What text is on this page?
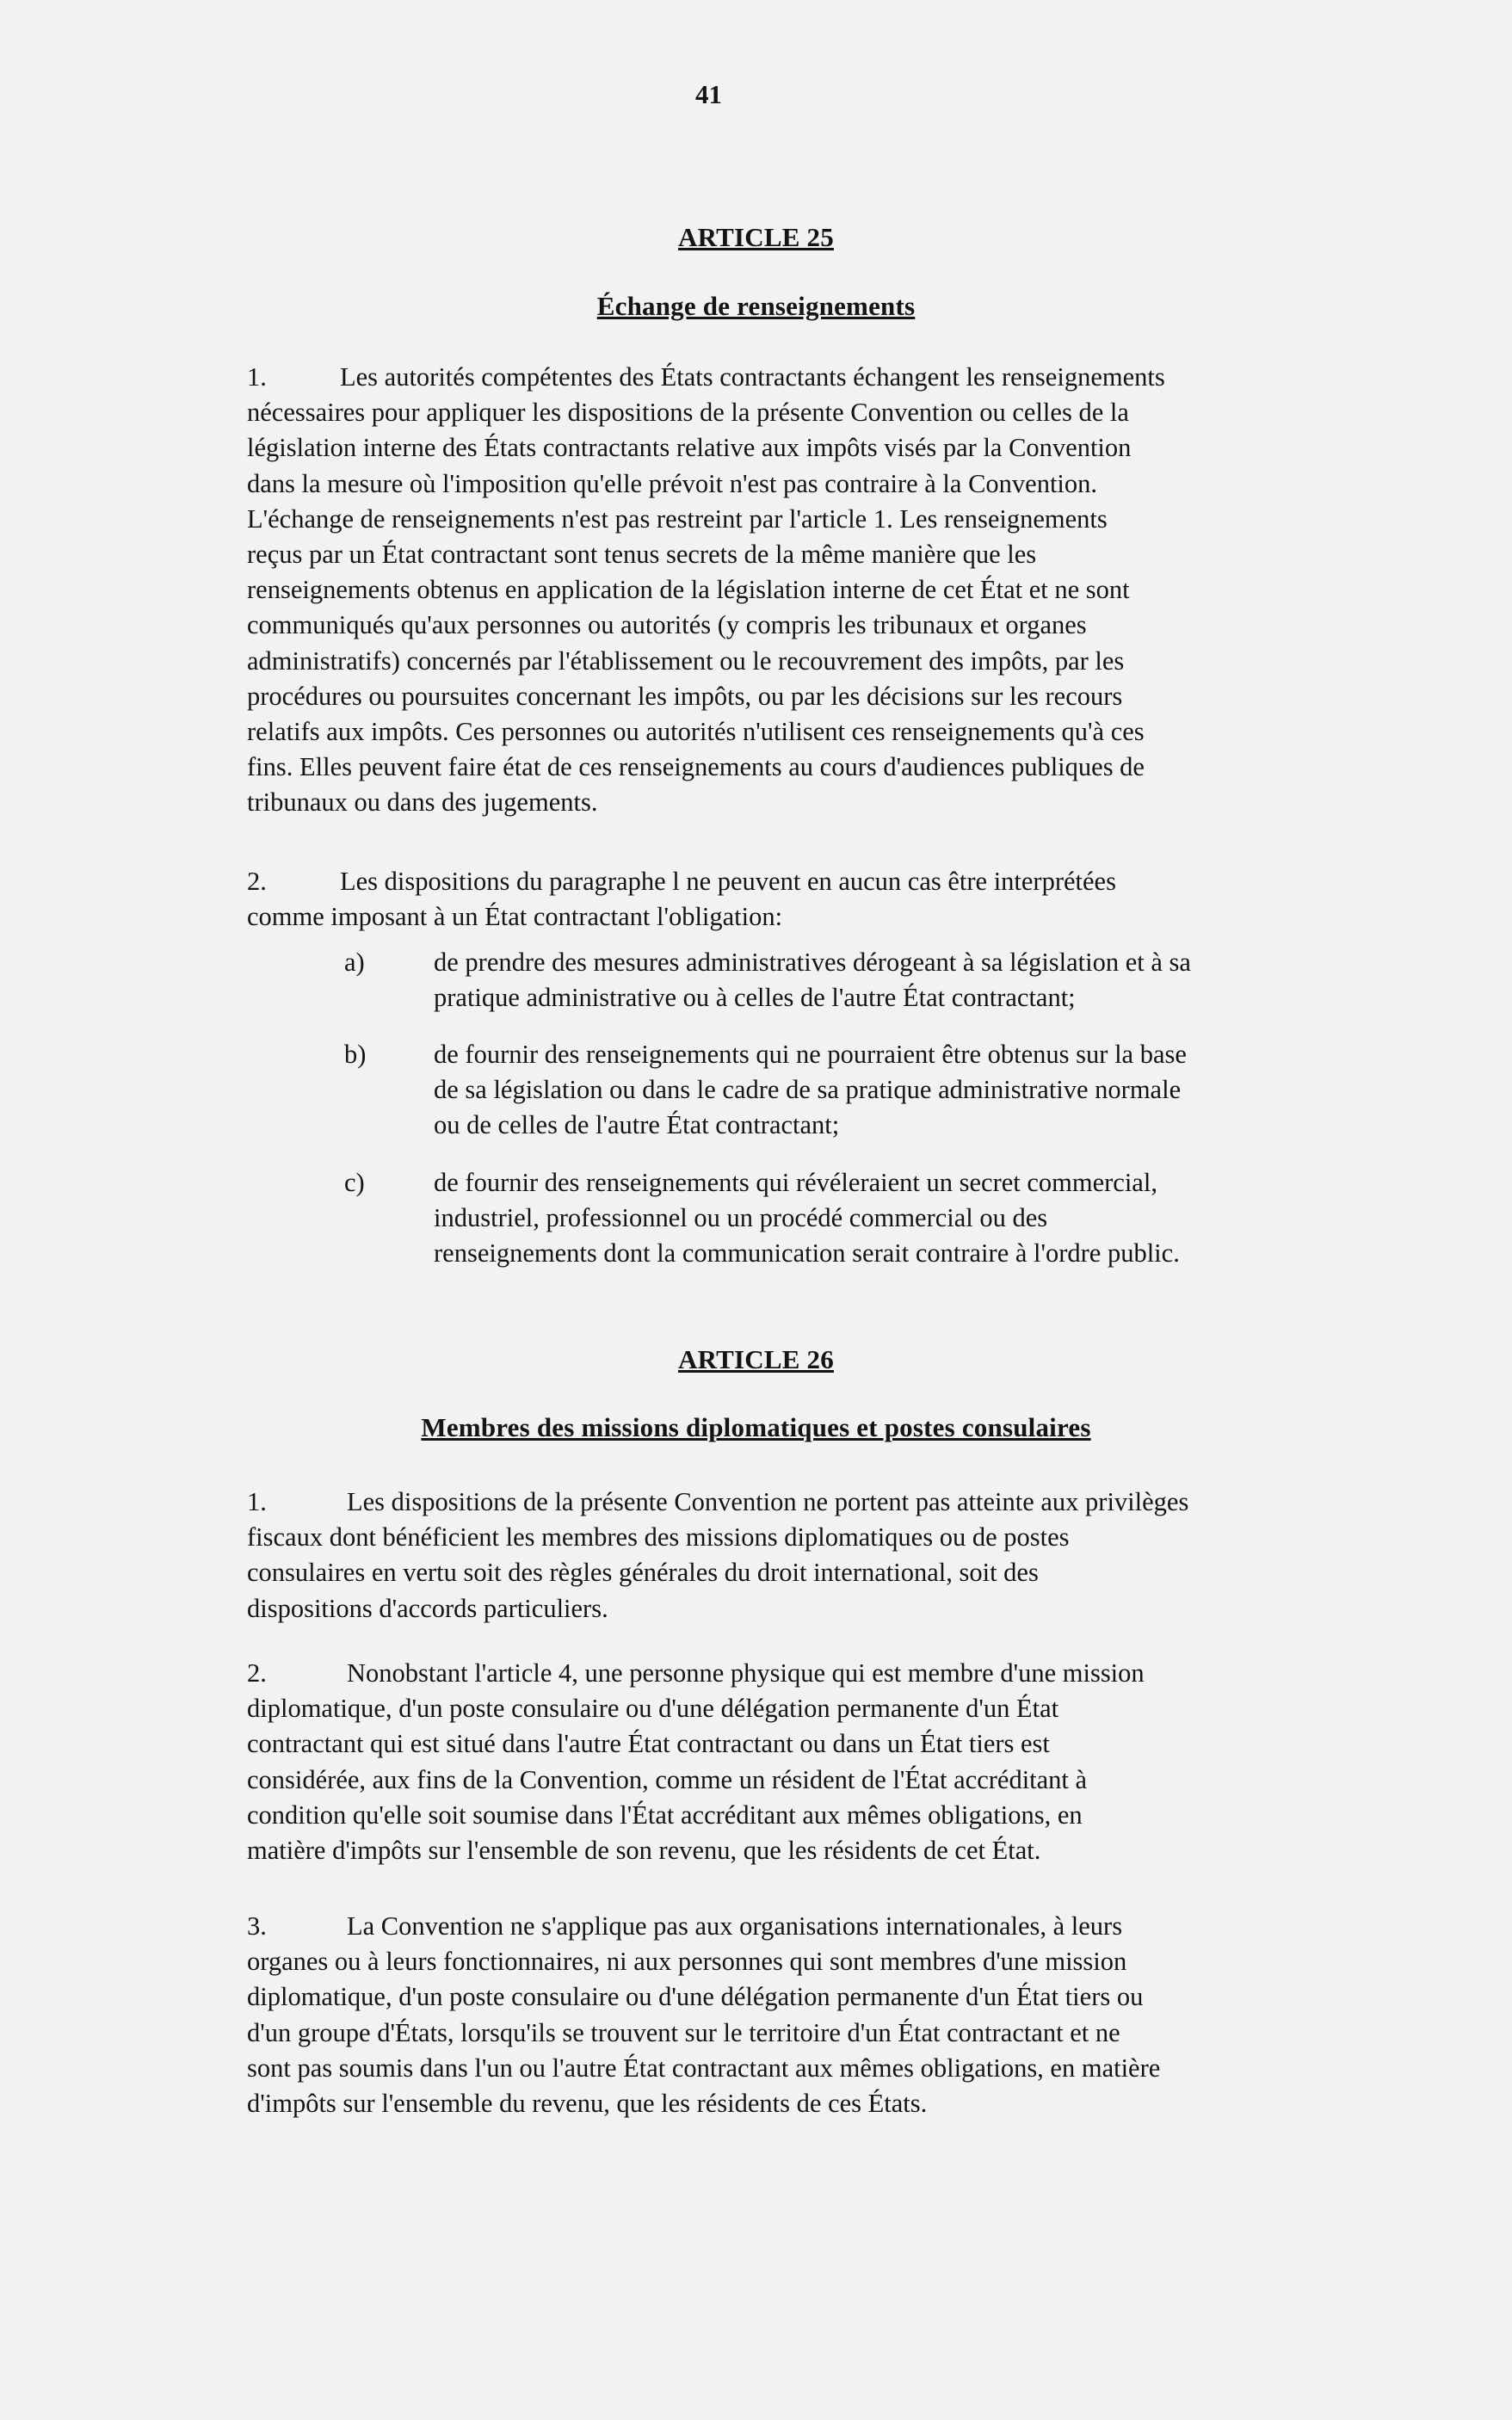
41
ARTICLE 25
Échange de renseignements
1.	Les autorités compétentes des États contractants échangent les renseignements
nécessaires pour appliquer les dispositions de la présente Convention ou celles de la
législation interne des États contractants relative aux impôts visés par la Convention
dans la mesure où l'imposition qu'elle prévoit n'est pas contraire à la Convention.
L'échange de renseignements n'est pas restreint par l'article 1. Les renseignements
reçus par un État contractant sont tenus secrets de la même manière que les
renseignements obtenus en application de la législation interne de cet État et ne sont
communiqués qu'aux personnes ou autorités (y compris les tribunaux et organes
administratifs) concernés par l'établissement ou le recouvrement des impôts, par les
procédures ou poursuites concernant les impôts, ou par les décisions sur les recours
relatifs aux impôts. Ces personnes ou autorités n'utilisent ces renseignements qu'à ces
fins. Elles peuvent faire état de ces renseignements au cours d'audiences publiques de
tribunaux ou dans des jugements.
2.	Les dispositions du paragraphe l ne peuvent en aucun cas être interprétées
comme imposant à un État contractant l'obligation:
a)	de prendre des mesures administratives dérogeant à sa législation et à sa
pratique administrative ou à celles de l'autre État contractant;
b)	de fournir des renseignements qui ne pourraient être obtenus sur la base
de sa législation ou dans le cadre de sa pratique administrative normale
ou de celles de l'autre État contractant;
c)	de fournir des renseignements qui révéleraient un secret commercial,
industriel, professionnel ou un procédé commercial ou des
renseignements dont la communication serait contraire à l'ordre public.
ARTICLE 26
Membres des missions diplomatiques et postes consulaires
1.	Les dispositions de la présente Convention ne portent pas atteinte aux privilèges
fiscaux dont bénéficient les membres des missions diplomatiques ou de postes
consulaires en vertu soit des règles générales du droit international, soit des
dispositions d'accords particuliers.
2.	Nonobstant l'article 4, une personne physique qui est membre d'une mission
diplomatique, d'un poste consulaire ou d'une délégation permanente d'un État
contractant qui est situé dans l'autre État contractant ou dans un État tiers est
considérée, aux fins de la Convention, comme un résident de l'État accréditant à
condition qu'elle soit soumise dans l'État accréditant aux mêmes obligations, en
matière d'impôts sur l'ensemble de son revenu, que les résidents de cet État.
3.	La Convention ne s'applique pas aux organisations internationales, à leurs
organes ou à leurs fonctionnaires, ni aux personnes qui sont membres d'une mission
diplomatique, d'un poste consulaire ou d'une délégation permanente d'un État tiers ou
d'un groupe d'États, lorsqu'ils se trouvent sur le territoire d'un État contractant et ne
sont pas soumis dans l'un ou l'autre État contractant aux mêmes obligations, en matière
d'impôts sur l'ensemble du revenu, que les résidents de ces États.
